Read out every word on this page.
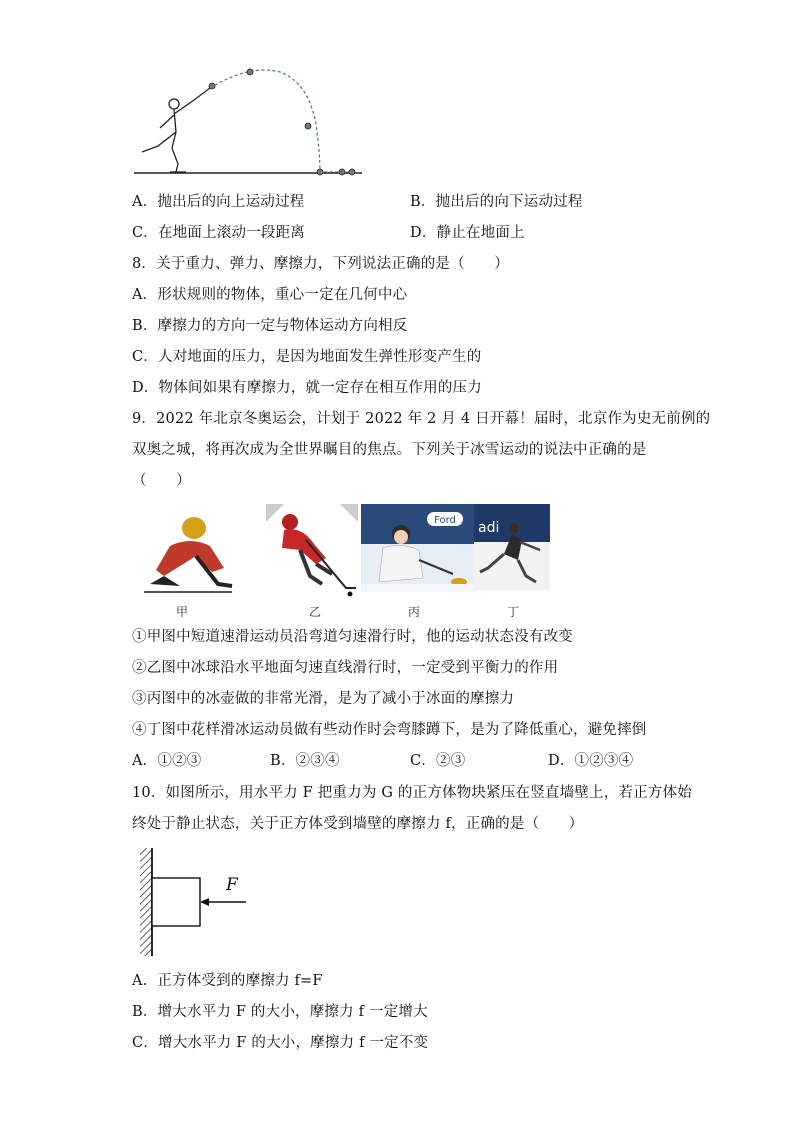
A．抛出后的向上运动过程	B．抛出后的向下运动过程
C．在地面上滚动一段距离	D．静止在地面上
8．关于重力、弹力、摩擦力，下列说法正确的是（　　）
A．形状规则的物体，重心一定在几何中心
B．摩擦力的方向一定与物体运动方向相反
C．人对地面的压力，是因为地面发生弹性形变产生的
D．物体间如果有摩擦力，就一定存在相互作用的压力
9．2022 年北京冬奥运会，计划于 2022 年 2 月 4 日开幕！届时，北京作为史无前例的
双奥之城，将再次成为全世界瞩目的焦点。下列关于冰雪运动的说法中正确的是
（　　）
Ford adi
甲	乙	丙	丁
①甲图中短道速滑运动员沿弯道匀速滑行时，他的运动状态没有改变
②乙图中冰球沿水平地面匀速直线滑行时，一定受到平衡力的作用
③丙图中的冰壶做的非常光滑，是为了减小于冰面的摩擦力
④丁图中花样滑冰运动员做有些动作时会弯膝蹲下，是为了降低重心，避免摔倒
A．①②③	B．②③④	C．②③	D．①②③④
10．如图所示，用水平力 F 把重力为 G 的正方体物块紧压在竖直墙壁上，若正方体始
终处于静止状态，关于正方体受到墙壁的摩擦力 f，正确的是（　　）
F
A．正方体受到的摩擦力 f=F
B．增大水平力 F 的大小，摩擦力 f 一定增大
C．增大水平力 F 的大小，摩擦力 f 一定不变
